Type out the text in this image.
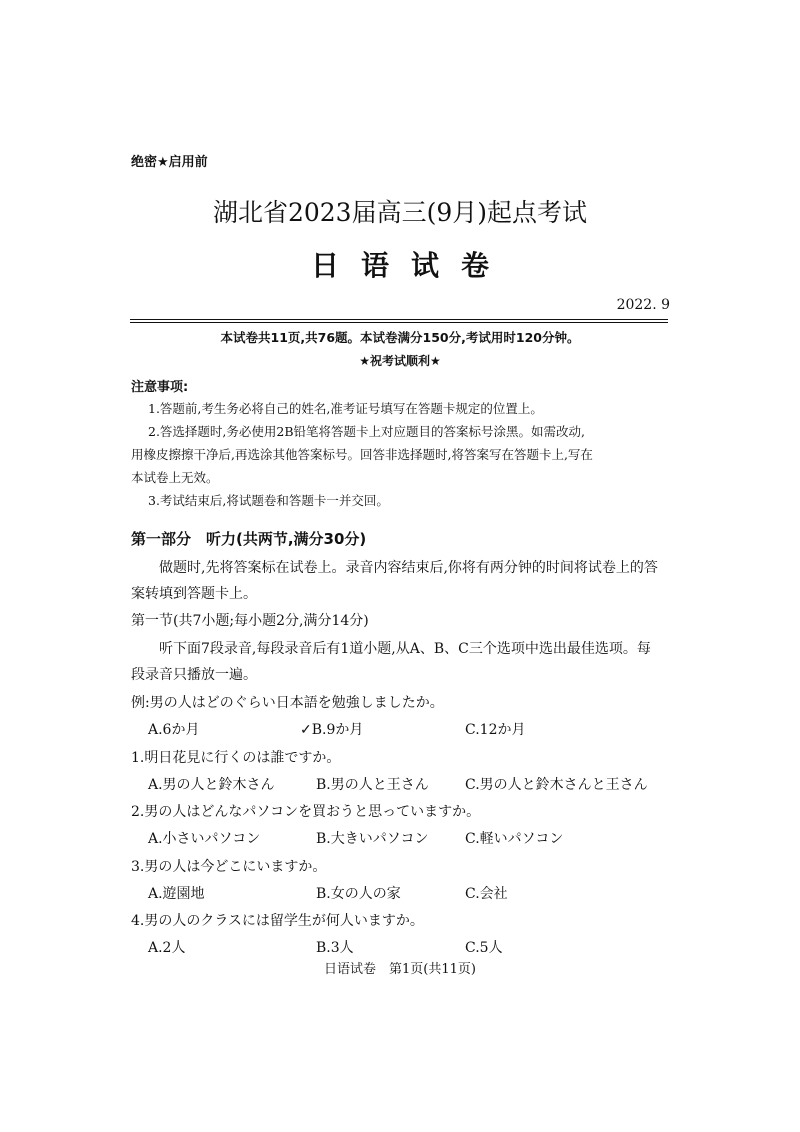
绝密★启用前
湖北省2023届高三(9月)起点考试
日语试卷
2022. 9
本试卷共11页,共76题。本试卷满分150分,考试用时120分钟。
★祝考试顺利★
注意事项:
1.答题前,考生务必将自己的姓名,准考证号填写在答题卡规定的位置上。
2.答选择题时,务必使用2B铅笔将答题卡上对应题目的答案标号涂黑。如需改动,
用橡皮擦擦干净后,再选涂其他答案标号。回答非选择题时,将答案写在答题卡上,写在
本试卷上无效。
3.考试结束后,将试题卷和答题卡一并交回。
第一部分　听力(共两节,满分30分)
做题时,先将答案标在试卷上。录音内容结束后,你将有两分钟的时间将试卷上的答
案转填到答题卡上。
第一节(共7小题;每小题2分,满分14分)
听下面7段录音,每段录音后有1道小题,从A、B、C三个选项中选出最佳选项。每
段录音只播放一遍。
例:男の人はどのぐらい日本語を勉強しましたか。
A.6か月	✓B.9か月	C.12か月
1.明日花見に行くのは誰ですか。
A.男の人と鈴木さん	B.男の人と王さん	C.男の人と鈴木さんと王さん
2.男の人はどんなパソコンを買おうと思っていますか。
A.小さいパソコン	B.大きいパソコン	C.軽いパソコン
3.男の人は今どこにいますか。
A.遊園地	B.女の人の家	C.会社
4.男の人のクラスには留学生が何人いますか。
A.2人	B.3人	C.5人
日语试卷　第1页(共11页)
